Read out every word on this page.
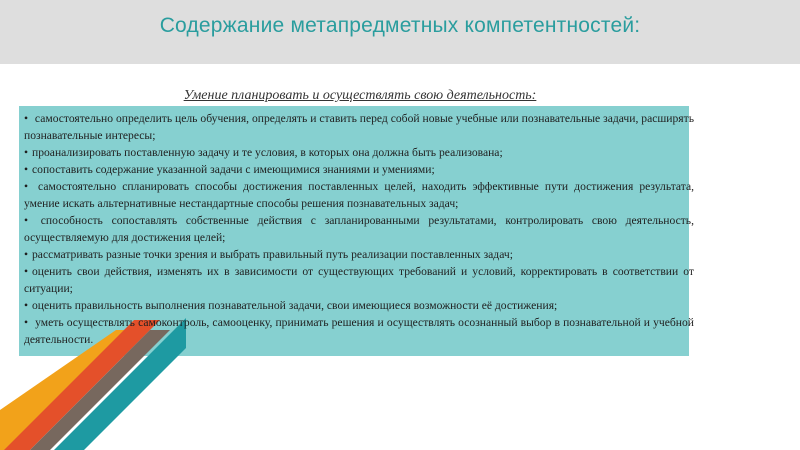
Содержание метапредметных компетентностей:
Умение планировать и осуществлять свою деятельность:

• самостоятельно определить цель обучения, определять и ставить перед собой новые учебные или познавательные задачи, расширять познавательные интересы;

• проанализировать поставленную задачу и те условия, в которых она должна быть реализована;

• сопоставить содержание указанной задачи с имеющимися знаниями и умениями;

• самостоятельно спланировать способы достижения поставленных целей, находить эффективные пути достижения результата, умение искать альтернативные нестандартные способы решения познавательных задач;

• способность сопоставлять собственные действия с запланированными результатами, контролировать свою деятельность, осуществляемую для достижения целей;

• рассматривать разные точки зрения и выбрать правильный путь реализации поставленных задач;

• оценить свои действия, изменять их в зависимости от существующих требований и условий, корректировать в соответствии от ситуации;

• оценить правильность выполнения познавательной задачи, свои имеющиеся возможности её достижения;

• уметь осуществлять самоконтроль, самооценку, принимать решения и осуществлять осознанный выбор в познавательной и учебной деятельности.
